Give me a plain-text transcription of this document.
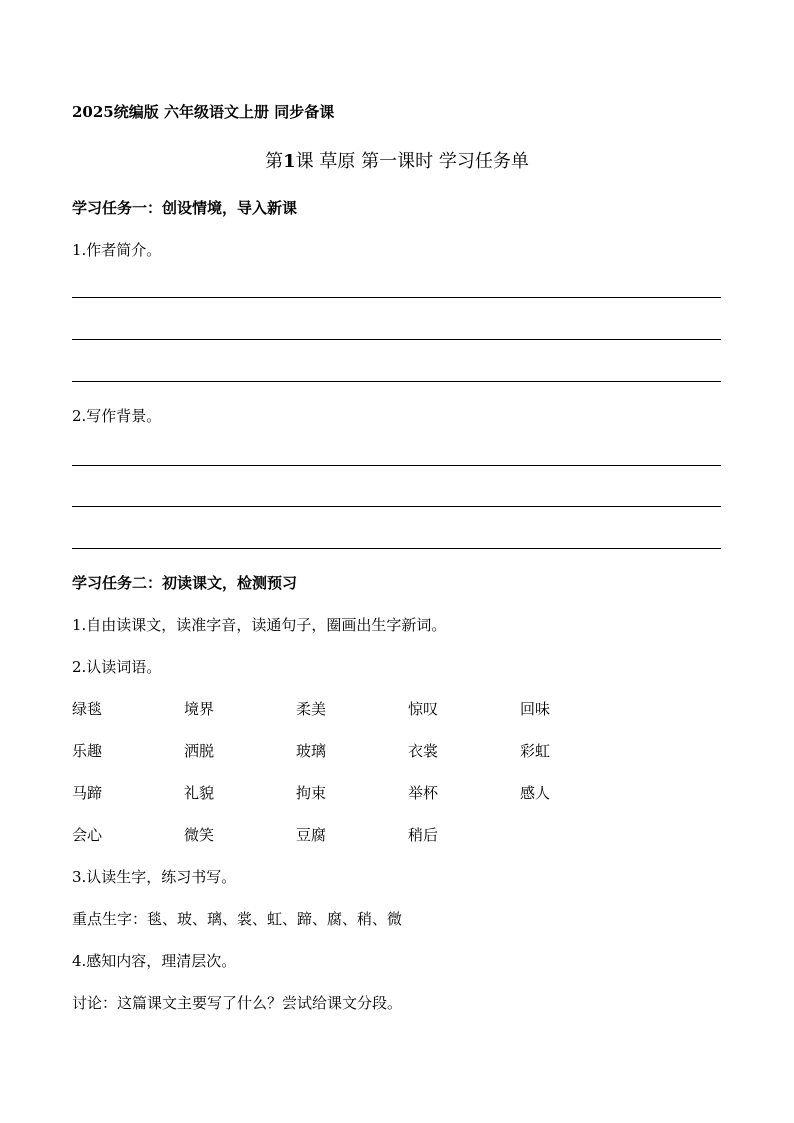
2025统编版 六年级语文上册 同步备课
第1课 草原 第一课时 学习任务单
学习任务一：创设情境，导入新课
1.作者简介。
2.写作背景。
学习任务二：初读课文，检测预习
1.自由读课文，读准字音，读通句子，圈画出生字新词。
2.认读词语。
绿毯	境界	柔美	惊叹	回味
乐趣	洒脱	玻璃	衣裳	彩虹
马蹄	礼貌	拘束	举杯	感人
会心	微笑	豆腐	稍后
3.认读生字，练习书写。
重点生字：毯、玻、璃、裳、虹、蹄、腐、稍、微
4.感知内容，理清层次。
讨论：这篇课文主要写了什么？尝试给课文分段。
